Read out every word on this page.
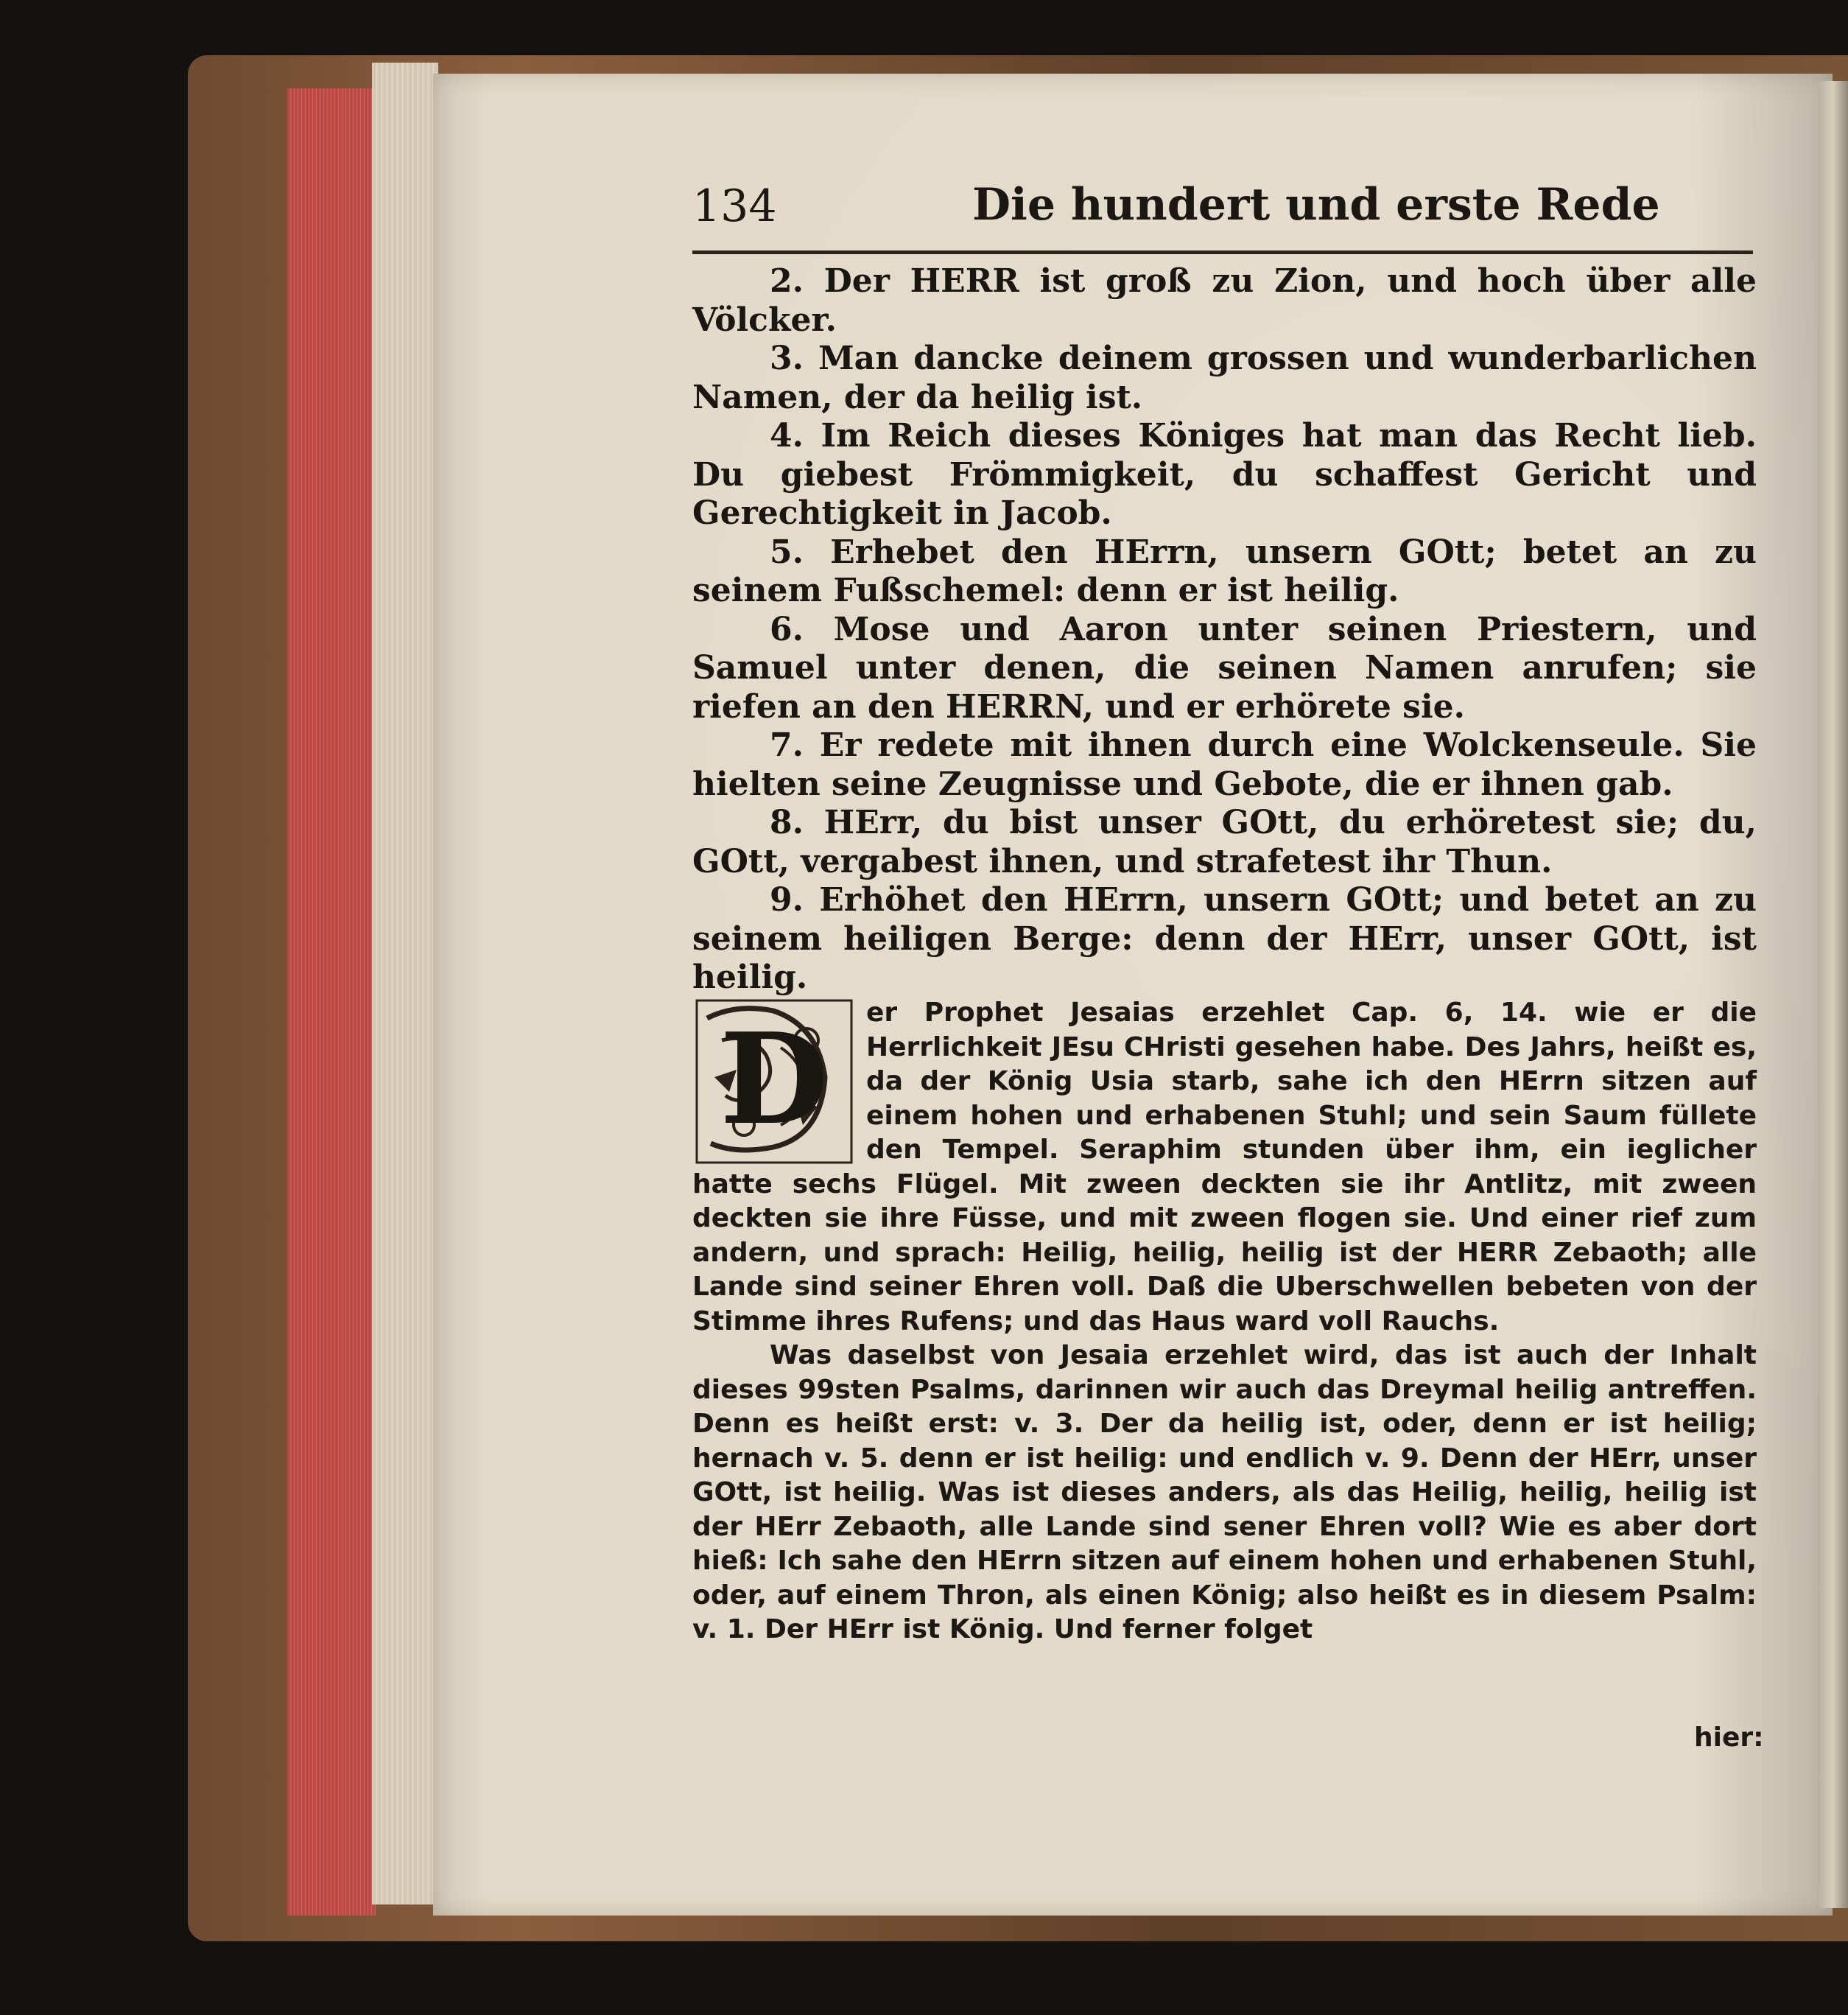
134	Die hundert und erste Rede

2. Der HERR ist groß zu Zion, und hoch über alle Völcker.

3. Man dancke deinem grossen und wunderbarlichen Namen, der da heilig ist.

4. Im Reich dieses Königes hat man das Recht lieb. Du giebest Frömmigkeit, du schaffest Gericht und Gerechtigkeit in Jacob.

5. Erhebet den HErrn, unsern GOtt; betet an zu seinem Fußschemel: denn er ist heilig.

6. Mose und Aaron unter seinen Priestern, und Samuel unter denen, die seinen Namen anrufen; sie riefen an den HERRN, und er erhörete sie.

7. Er redete mit ihnen durch eine Wolckenseule. Sie hielten seine Zeugnisse und Gebote, die er ihnen gab.

8. HErr, du bist unser GOtt, du erhöretest sie; du, GOtt, vergabest ihnen, und strafetest ihr Thun.

9. Erhöhet den HErrn, unsern GOtt; und betet an zu seinem heiligen Berge: denn der HErr, unser GOtt, ist heilig.

D	er Prophet Jesaias erzehlet Cap. 6, 14. wie er die Herrlichkeit JEsu CHristi gesehen habe. Des Jahrs, heißt es, da der König Usia starb, sahe ich den HErrn sitzen auf einem hohen und erhabenen Stuhl; und sein Saum füllete den Tempel. Seraphim stunden über ihm, ein ieglicher hatte sechs Flügel. Mit zween deckten sie ihr Antlitz, mit zween deckten sie ihre Füsse, und mit zween flogen sie. Und einer rief zum andern, und sprach: Heilig, heilig, heilig ist der HERR Zebaoth; alle Lande sind seiner Ehren voll. Daß die Uberschwellen bebeten von der Stimme ihres Rufens; und das Haus ward voll Rauchs.

Was daselbst von Jesaia erzehlet wird, das ist auch der Inhalt dieses 99sten Psalms, darinnen wir auch das Dreymal heilig antreffen. Denn es heißt erst: v. 3. Der da heilig ist, oder, denn er ist heilig; hernach v. 5. denn er ist heilig: und endlich v. 9. Denn der HErr, unser GOtt, ist heilig. Was ist dieses anders, als das Heilig, heilig, heilig ist der HErr Zebaoth, alle Lande sind sener Ehren voll? Wie es aber dort hieß: Ich sahe den HErrn sitzen auf einem hohen und erhabenen Stuhl, oder, auf einem Thron, als einen König; also heißt es in diesem Psalm: v. 1. Der HErr ist König. Und ferner folget

hier:
